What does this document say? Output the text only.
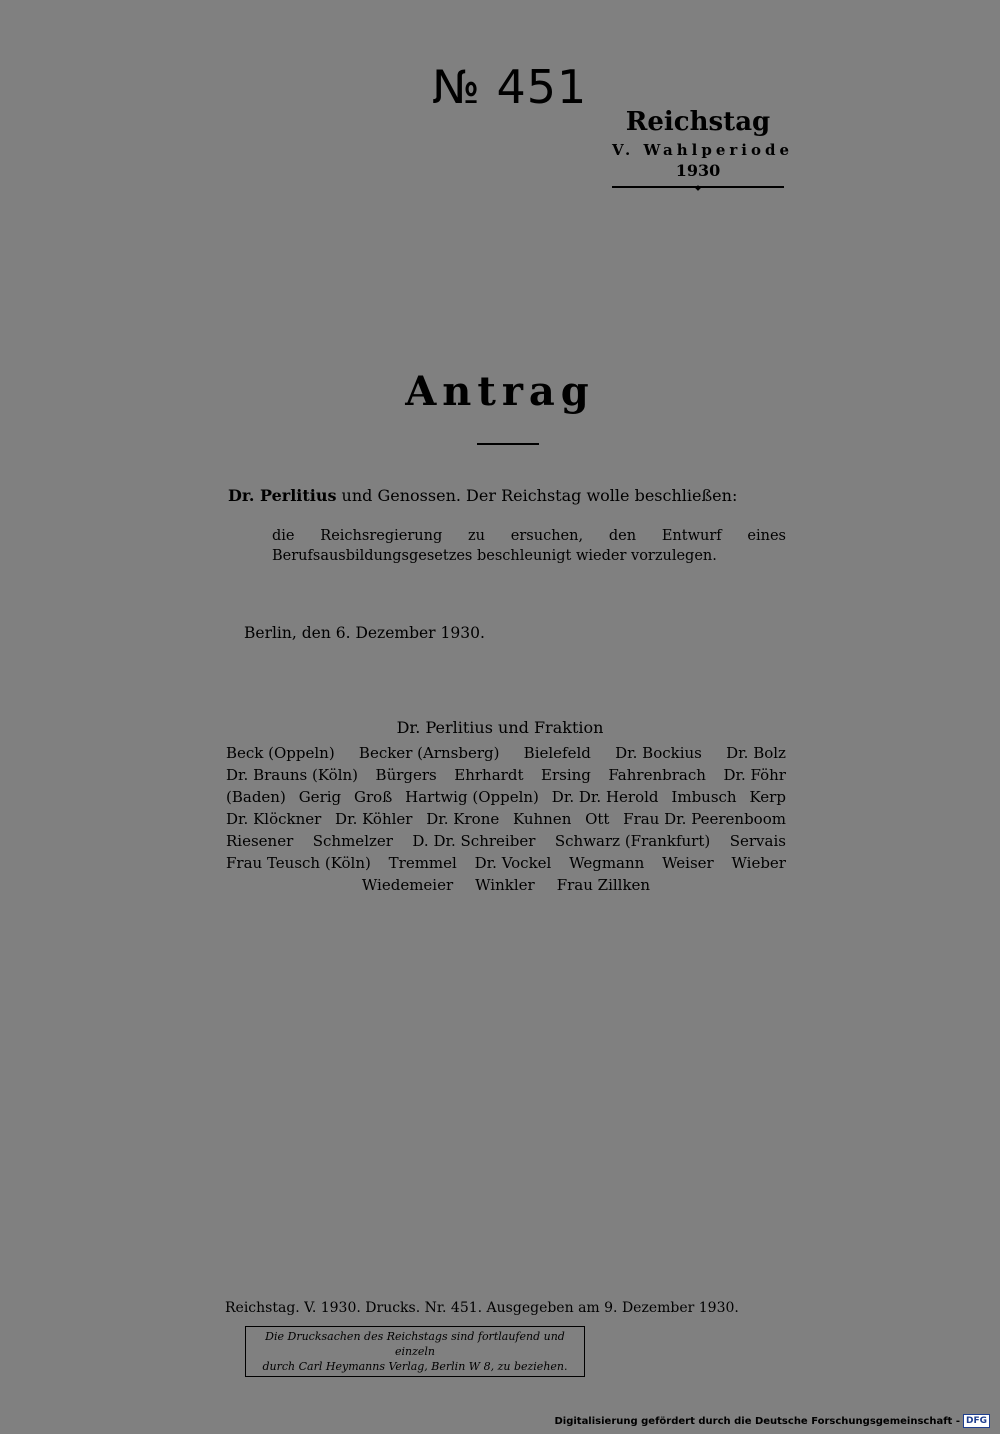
№ 451
Reichstag
V. Wahlperiode
1930
Antrag
Dr. Perlitius und Genossen. Der Reichstag wolle beschließen:
die Reichsregierung zu ersuchen, den Entwurf eines Berufsausbildungsgesetzes beschleunigt wieder vorzulegen.
Berlin, den 6. Dezember 1930.
Dr. Perlitius und Fraktion
Beck (Oppeln) Becker (Arnsberg) Bielefeld Dr. Bockius Dr. Bolz
Dr. Brauns (Köln) Bürgers Ehrhardt Ersing Fahrenbrach Dr. Föhr
(Baden) Gerig Groß Hartwig (Oppeln) Dr. Dr. Herold Imbusch Kerp
Dr. Klöckner Dr. Köhler Dr. Krone Kuhnen Ott Frau Dr. Peerenboom
Riesener Schmelzer D. Dr. Schreiber Schwarz (Frankfurt) Servais
Frau Teusch (Köln) Tremmel Dr. Vockel Wegmann Weiser Wieber
Wiedemeier Winkler Frau Zillken
Reichstag. V. 1930. Drucks. Nr. 451. Ausgegeben am 9. Dezember 1930.
Die Drucksachen des Reichstags sind fortlaufend und einzeln
durch Carl Heymanns Verlag, Berlin W 8, zu beziehen.
Digitalisierung gefördert durch die Deutsche Forschungsgemeinschaft - DFG
